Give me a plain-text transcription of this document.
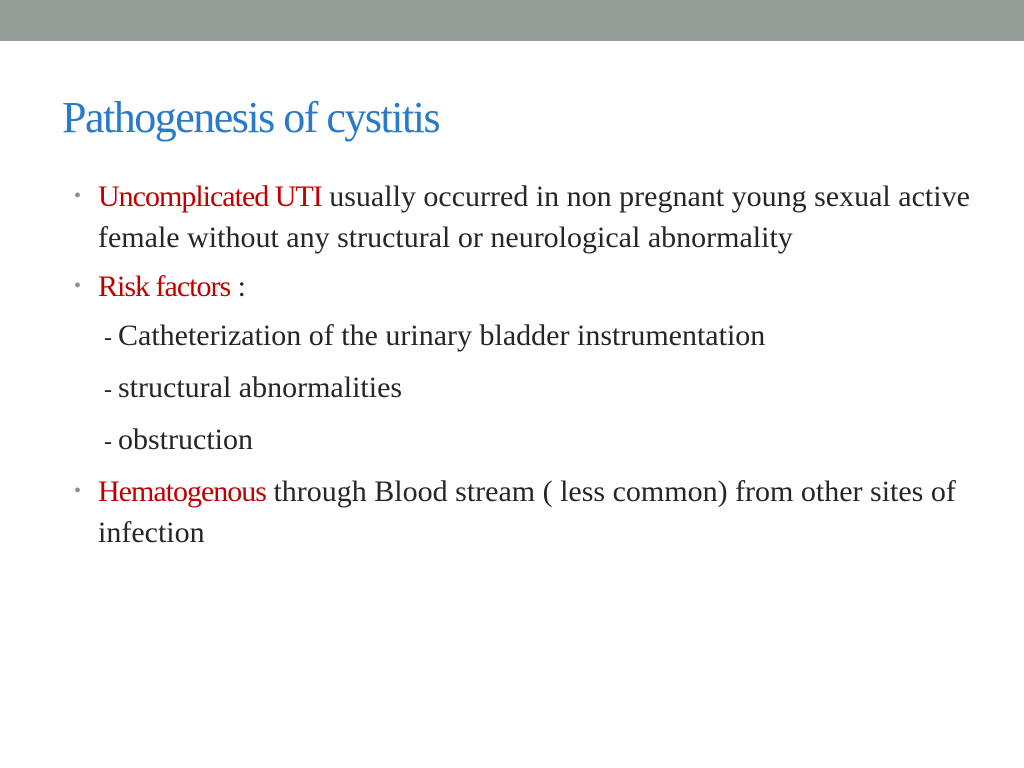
Pathogenesis of cystitis
• Uncomplicated UTI usually occurred in non pregnant young sexual active female without any structural or neurological abnormality
• Risk factors :
- Catheterization of the urinary bladder instrumentation
- structural abnormalities
- obstruction
• Hematogenous through Blood stream ( less common) from other sites of infection
